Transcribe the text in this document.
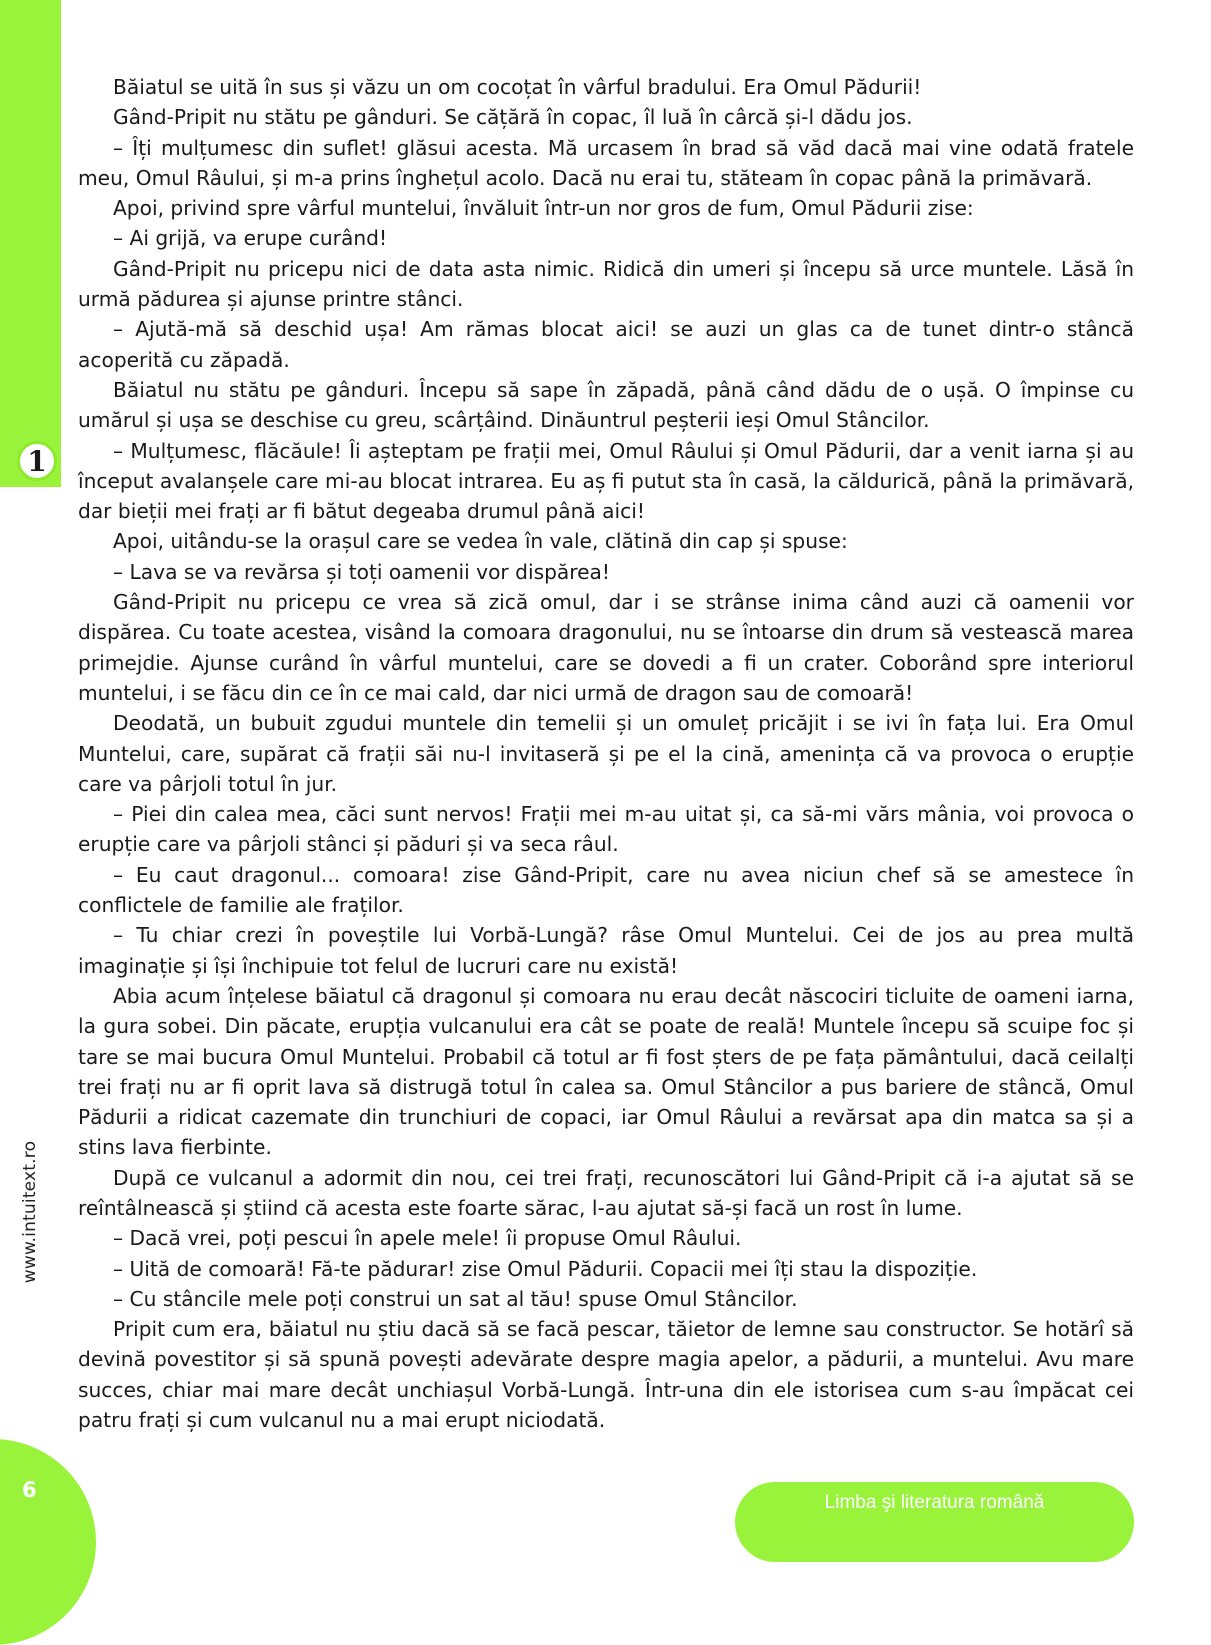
1
www.intuitext.ro

Băiatul se uită în sus și văzu un om cocoțat în vârful bradului. Era Omul Pădurii!

Gând-Pripit nu stătu pe gânduri. Se cățără în copac, îl luă în cârcă și-l dădu jos.

– Îți mulțumesc din suflet! glăsui acesta. Mă urcasem în brad să văd dacă mai vine odată fratele meu, Omul Râului, și m-a prins înghețul acolo. Dacă nu erai tu, stăteam în copac până la primăvară.

Apoi, privind spre vârful muntelui, învăluit într-un nor gros de fum, Omul Pădurii zise:

– Ai grijă, va erupe curând!

Gând-Pripit nu pricepu nici de data asta nimic. Ridică din umeri și începu să urce muntele. Lăsă în urmă pădurea și ajunse printre stânci.

– Ajută-mă să deschid ușa! Am rămas blocat aici! se auzi un glas ca de tunet dintr-o stâncă acoperită cu zăpadă.

Băiatul nu stătu pe gânduri. Începu să sape în zăpadă, până când dădu de o ușă. O împinse cu umărul și ușa se deschise cu greu, scârțâind. Dinăuntrul peșterii ieși Omul Stâncilor.

– Mulțumesc, flăcăule! Îi așteptam pe frații mei, Omul Râului și Omul Pădurii, dar a venit iarna și au început avalanșele care mi-au blocat intrarea. Eu aș fi putut sta în casă, la căldurică, până la primăvară, dar bieții mei frați ar fi bătut degeaba drumul până aici!

Apoi, uitându-se la orașul care se vedea în vale, clătină din cap și spuse:

– Lava se va revărsa și toți oamenii vor dispărea!

Gând-Pripit nu pricepu ce vrea să zică omul, dar i se strânse inima când auzi că oamenii vor dispărea. Cu toate acestea, visând la comoara dragonului, nu se întoarse din drum să vestească marea primejdie. Ajunse curând în vârful muntelui, care se dovedi a fi un crater. Coborând spre interiorul muntelui, i se făcu din ce în ce mai cald, dar nici urmă de dragon sau de comoară!

Deodată, un bubuit zgudui muntele din temelii și un omuleț pricăjit i se ivi în fața lui. Era Omul Muntelui, care, supărat că frații săi nu-l invitaseră și pe el la cină, amenința că va provoca o erupție care va pârjoli totul în jur.

– Piei din calea mea, căci sunt nervos! Frații mei m-au uitat și, ca să-mi vărs mânia, voi provoca o erupție care va pârjoli stânci și păduri și va seca râul.

– Eu caut dragonul... comoara! zise Gând-Pripit, care nu avea niciun chef să se amestece în conflictele de familie ale fraților.

– Tu chiar crezi în poveștile lui Vorbă-Lungă? râse Omul Muntelui. Cei de jos au prea multă imaginație și își închipuie tot felul de lucruri care nu există!

Abia acum înțelese băiatul că dragonul și comoara nu erau decât născociri ticluite de oameni iarna, la gura sobei. Din păcate, erupția vulcanului era cât se poate de reală! Muntele începu să scuipe foc și tare se mai bucura Omul Muntelui. Probabil că totul ar fi fost șters de pe fața pământului, dacă ceilalți trei frați nu ar fi oprit lava să distrugă totul în calea sa. Omul Stâncilor a pus bariere de stâncă, Omul Pădurii a ridicat cazemate din trunchiuri de copaci, iar Omul Râului a revărsat apa din matca sa și a stins lava fierbinte.

După ce vulcanul a adormit din nou, cei trei frați, recunoscători lui Gând-Pripit că i-a ajutat să se reîntâlnească și știind că acesta este foarte sărac, l-au ajutat să-și facă un rost în lume.

– Dacă vrei, poți pescui în apele mele! îi propuse Omul Râului.

– Uită de comoară! Fă-te pădurar! zise Omul Pădurii. Copacii mei îți stau la dispoziție.

– Cu stâncile mele poți construi un sat al tău! spuse Omul Stâncilor.

Pripit cum era, băiatul nu știu dacă să se facă pescar, tăietor de lemne sau constructor. Se hotărî să devină povestitor și să spună povești adevărate despre magia apelor, a pădurii, a muntelui. Avu mare succes, chiar mai mare decât unchiașul Vorbă-Lungă. Într-una din ele istorisea cum s-au împăcat cei patru frați și cum vulcanul nu a mai erupt niciodată.

6
Limba şi literatura română
